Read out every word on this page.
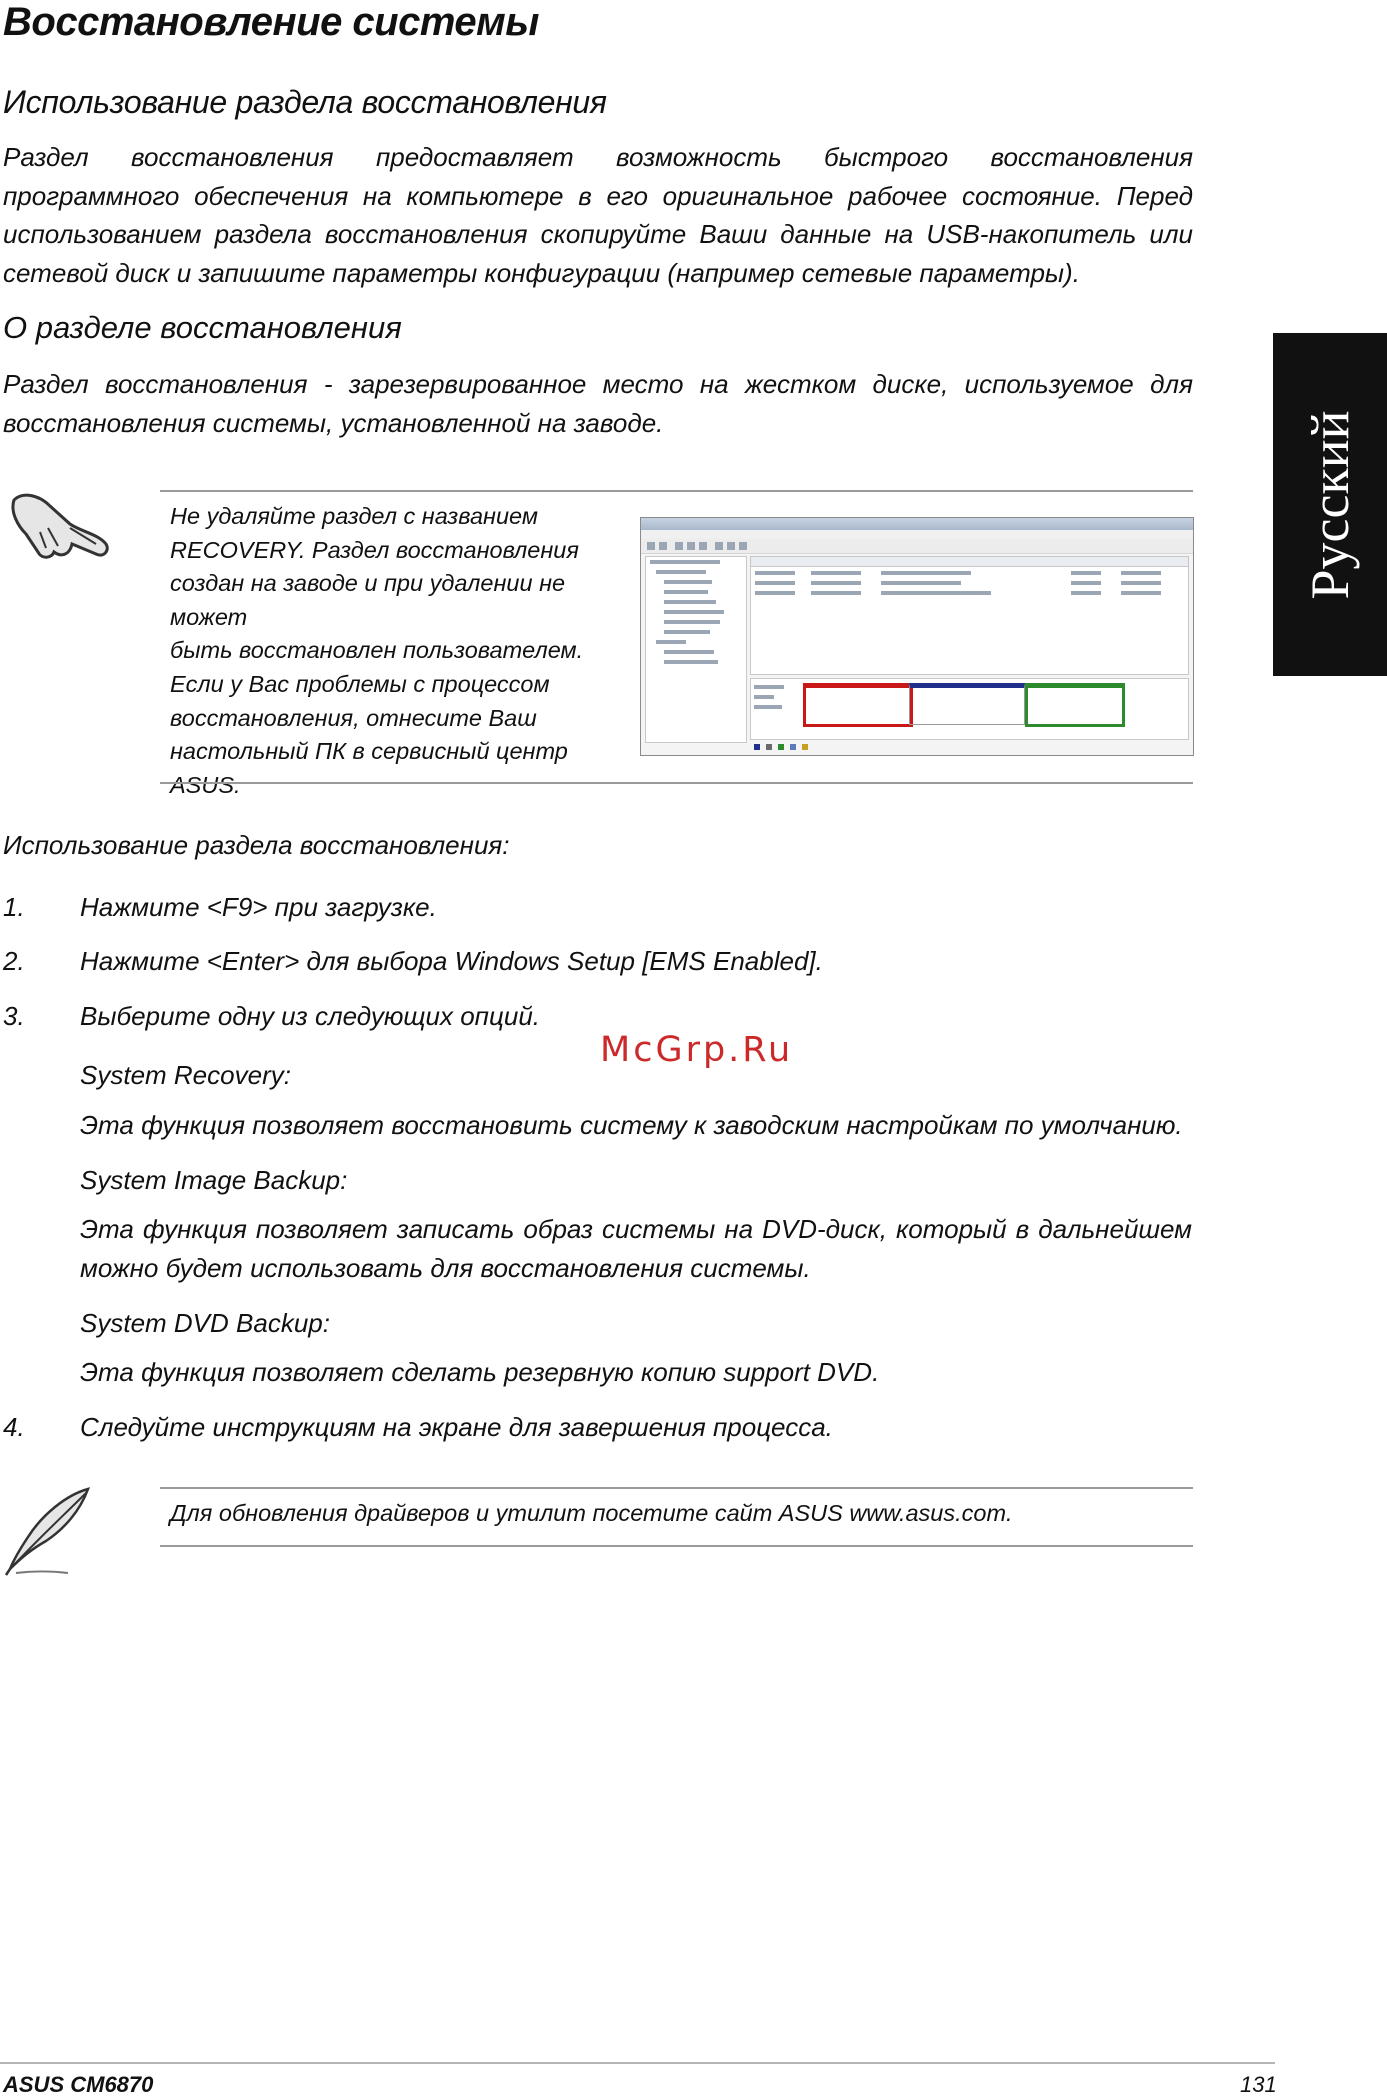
Восстановление системы
Использование раздела восстановления
Раздел восстановления предоставляет возможность быстрого восстановления программного обеспечения на компьютере в его оригинальное рабочее состояние. Перед использованием раздела восстановления скопируйте Ваши данные на USB-накопитель или сетевой диск и запишите параметры конфигурации (например сетевые параметры).
О разделе восстановления
Раздел восстановления - зарезервированное место на жестком диске, используемое для восстановления системы, установленной на заводе.	Русский
Не удаляйте раздел с названием
RECOVERY. Раздел восстановления
создан на заводе и при удалении не может
быть восстановлен пользователем.
Если у Вас проблемы с процессом
восстановления, отнесите Ваш
настольный ПК в сервисный центр ASUS.
Использование раздела восстановления:
1. Нажмите <F9> при загрузке.
2. Нажмите <Enter> для выбора Windows Setup [EMS Enabled].
3. Выберите одну из следующих опций.
System Recovery:
Эта функция позволяет восстановить систему к заводским настройкам по умолчанию.
System Image Backup:
Эта функция позволяет записать образ системы на DVD-диск, который в дальнейшем можно будет использовать для восстановления системы.
System DVD Backup:
Эта функция позволяет сделать резервную копию support DVD.
4. Следуйте инструкциям на экране для завершения процесса.
McGrp.Ru
Для обновления драйверов и утилит посетите сайт ASUS www.asus.com.
ASUS CM6870	131
